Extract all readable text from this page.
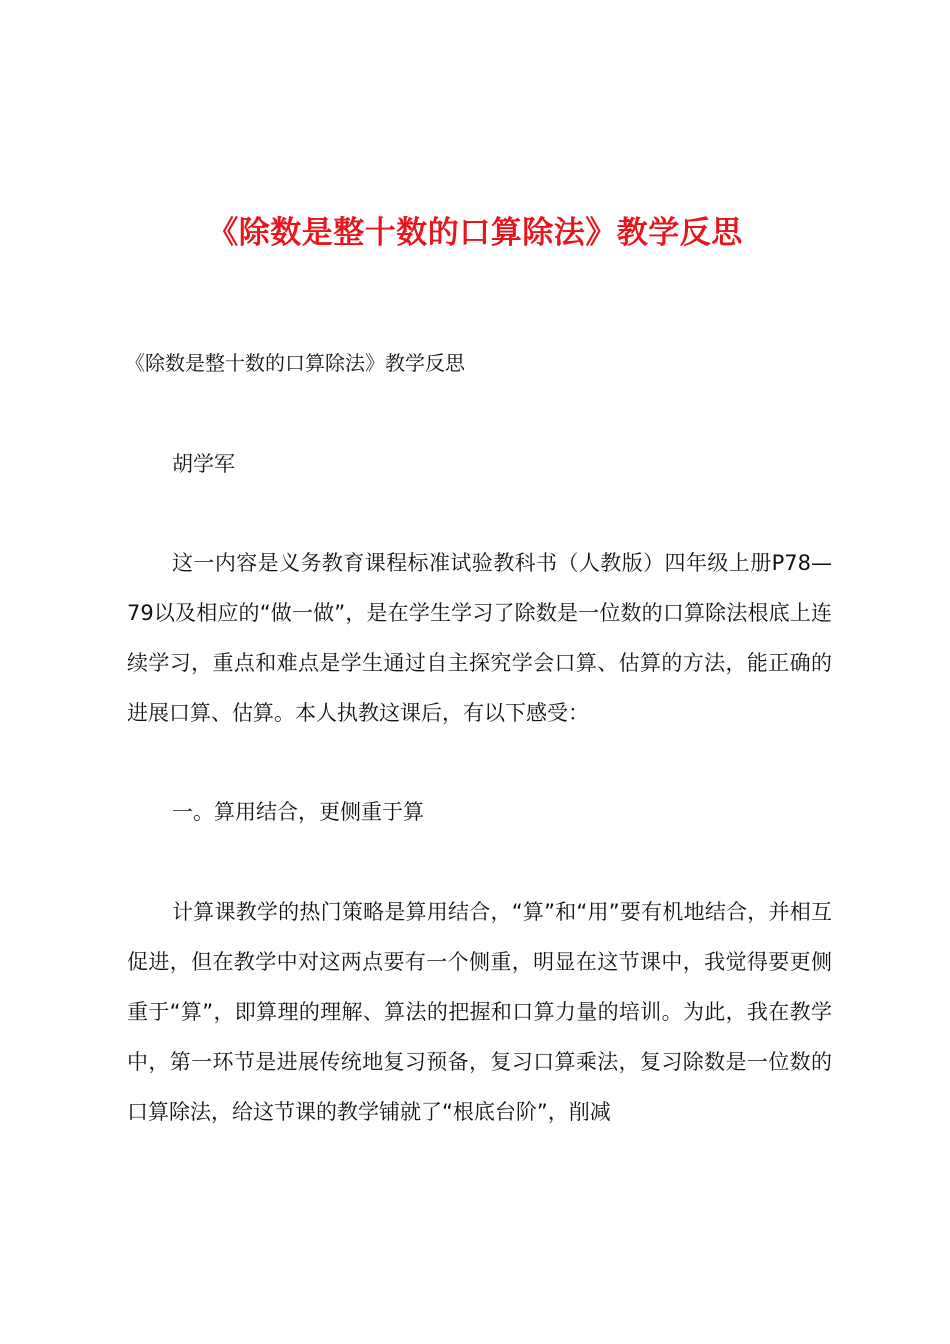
《除数是整十数的口算除法》教学反思

《除数是整十数的口算除法》教学反思

胡学军

这一内容是义务教育课程标准试验教科书（人教版）四年级上册P78—79以及相应的“做一做”，是在学生学习了除数是一位数的口算除法根底上连续学习，重点和难点是学生通过自主探究学会口算、估算的方法，能正确的进展口算、估算。本人执教这课后，有以下感受：

一。算用结合，更侧重于算

计算课教学的热门策略是算用结合，“算”和“用”要有机地结合，并相互促进，但在教学中对这两点要有一个侧重，明显在这节课中，我觉得要更侧重于“算”，即算理的理解、算法的把握和口算力量的培训。为此，我在教学中，第一环节是进展传统地复习预备，复习口算乘法，复习除数是一位数的口算除法，给这节课的教学铺就了“根底台阶”，削减
